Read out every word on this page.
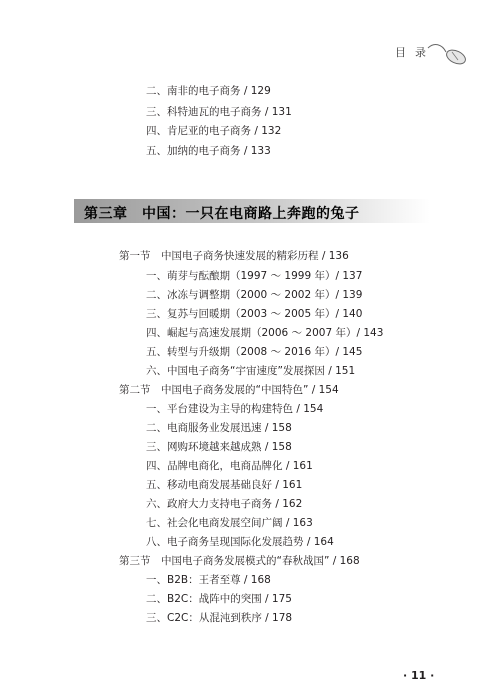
目录
二、南非的电子商务 / 129
三、科特迪瓦的电子商务 / 131
四、肯尼亚的电子商务 / 132
五、加纳的电子商务 / 133
第三章　中国：一只在电商路上奔跑的兔子
第一节　中国电子商务快速发展的精彩历程 / 136
一、萌芽与酝酿期（1997 ～ 1999 年）/ 137
二、冰冻与调整期（2000 ～ 2002 年）/ 139
三、复苏与回暖期（2003 ～ 2005 年）/ 140
四、崛起与高速发展期（2006 ～ 2007 年）/ 143
五、转型与升级期（2008 ～ 2016 年）/ 145
六、中国电子商务“宇宙速度”发展探因 / 151
第二节　中国电子商务发展的“中国特色” / 154
一、平台建设为主导的构建特色 / 154
二、电商服务业发展迅速 / 158
三、网购环境越来越成熟 / 158
四、品牌电商化，电商品牌化 / 161
五、移动电商发展基础良好 / 161
六、政府大力支持电子商务 / 162
七、社会化电商发展空间广阔 / 163
八、电子商务呈现国际化发展趋势 / 164
第三节　中国电子商务发展模式的“春秋战国” / 168
一、B2B：王者至尊 / 168
二、B2C：战阵中的突围 / 175
三、C2C：从混沌到秩序 / 178
· 11 ·
